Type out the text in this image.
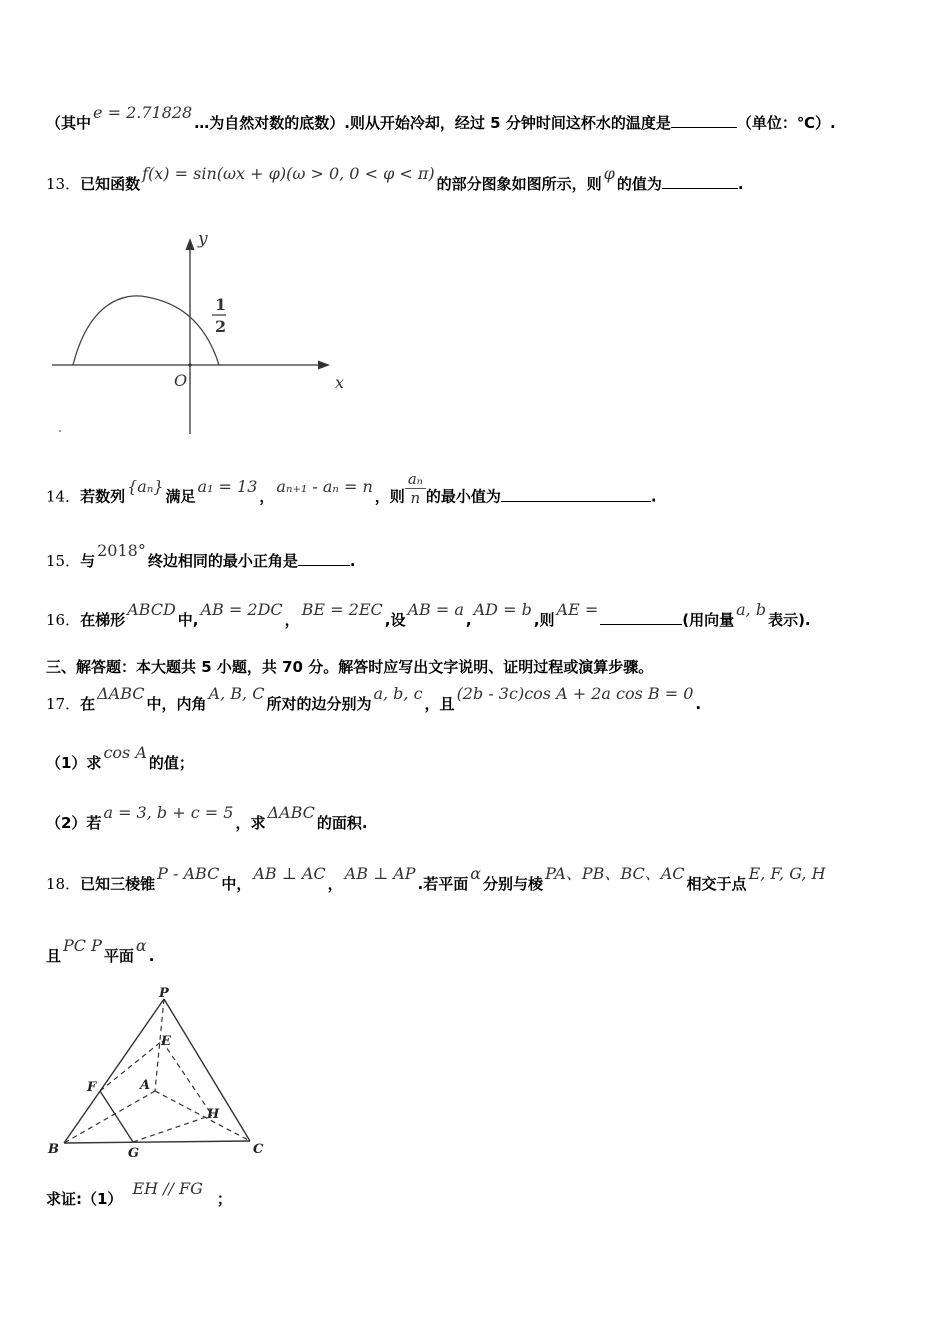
（其中e = 2.71828…为自然对数的底数）.则从开始冷却，经过 5 分钟时间这杯水的温度是	（单位：℃）.
13．已知函数f(x) = sin(ωx + φ)(ω > 0, 0 < φ < π)的部分图象如图所示，则φ的值为	.
y
x
O
1
2
14．若数列{aₙ}满足a₁ = 13，aₙ₊₁ - aₙ = n，则 $\frac{\text{aₙ}}{n}$ 的最小值为	.
15．与2018°终边相同的最小正角是	.
16．在梯形ABCD中,AB = 2DC，BE = 2EC,设AB = a,AD = b,则AE =(用向量a, b表示).
三、解答题：本大题共 5 小题，共 70 分。解答时应写出文字说明、证明过程或演算步骤。
17．在ΔABC中，内角A, B, C所对的边分别为a, b, c，且(2b - 3c)cos A + 2a cos B = 0.
（1）求cos A的值；
（2）若a = 3, b + c = 5，求ΔABC的面积.
18．已知三棱锥P - ABC中，AB ⊥ AC，AB ⊥ AP.若平面α分别与棱PA、PB、BC、AC相交于点E, F, G, H
且PC P平面α.
P
E
F	A
H
B	G	C
求证:（1）EH // FG；
